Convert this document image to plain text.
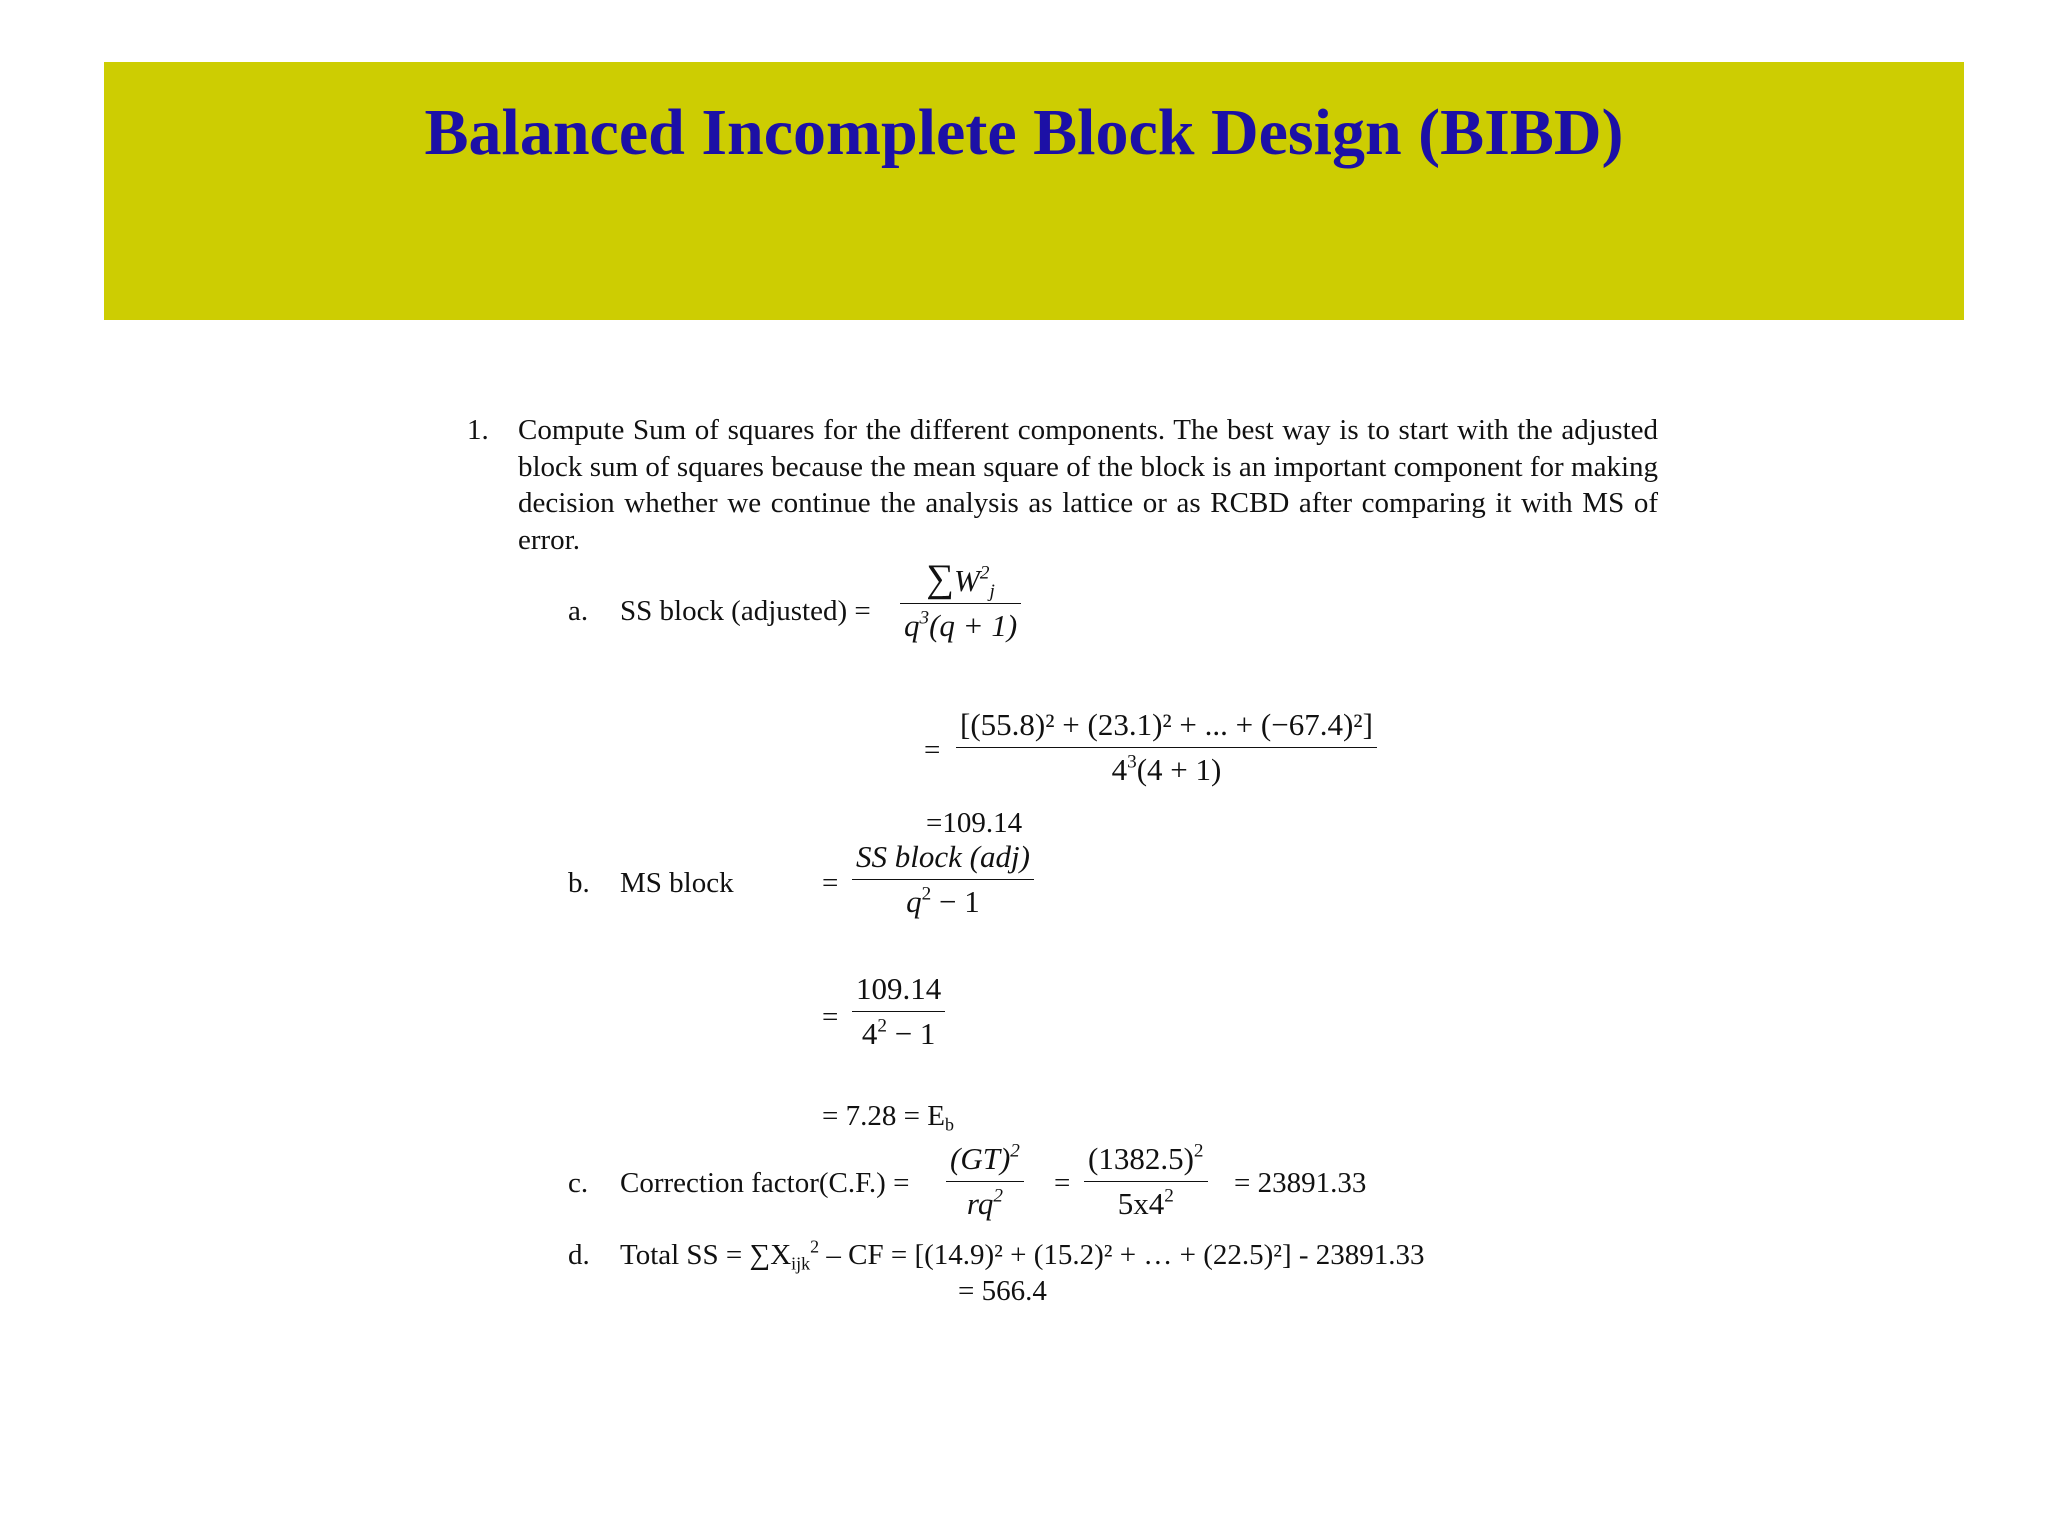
Balanced Incomplete Block Design (BIBD)
1. Compute Sum of squares for the different components. The best way is to start with the adjusted block sum of squares because the mean square of the block is an important component for making decision whether we continue the analysis as lattice or as RCBD after comparing it with MS of error.
a. SS block (adjusted) =
$\sum W^2_j$
$q^3(q + 1)$
=
[(55.8)² + (23.1)² + ... + (−67.4)²]
$4^3(4 + 1)$
=109.14
b. MS block	=
SS block (adj)
$q^2 - 1$
=
109.14
$4^2 - 1$
= $7.28 = E_b$
c. Correction factor(C.F.) =
(GT)$^2$
$rq^2$ =
$(1382.5)^2$
$5x4^2 = 23891.33$
d. Total SS = $\sum X_{ijk}^2$ – CF = [(14.9)² + (15.2)² + … + (22.5)²] - 23891.33
= 566.4
